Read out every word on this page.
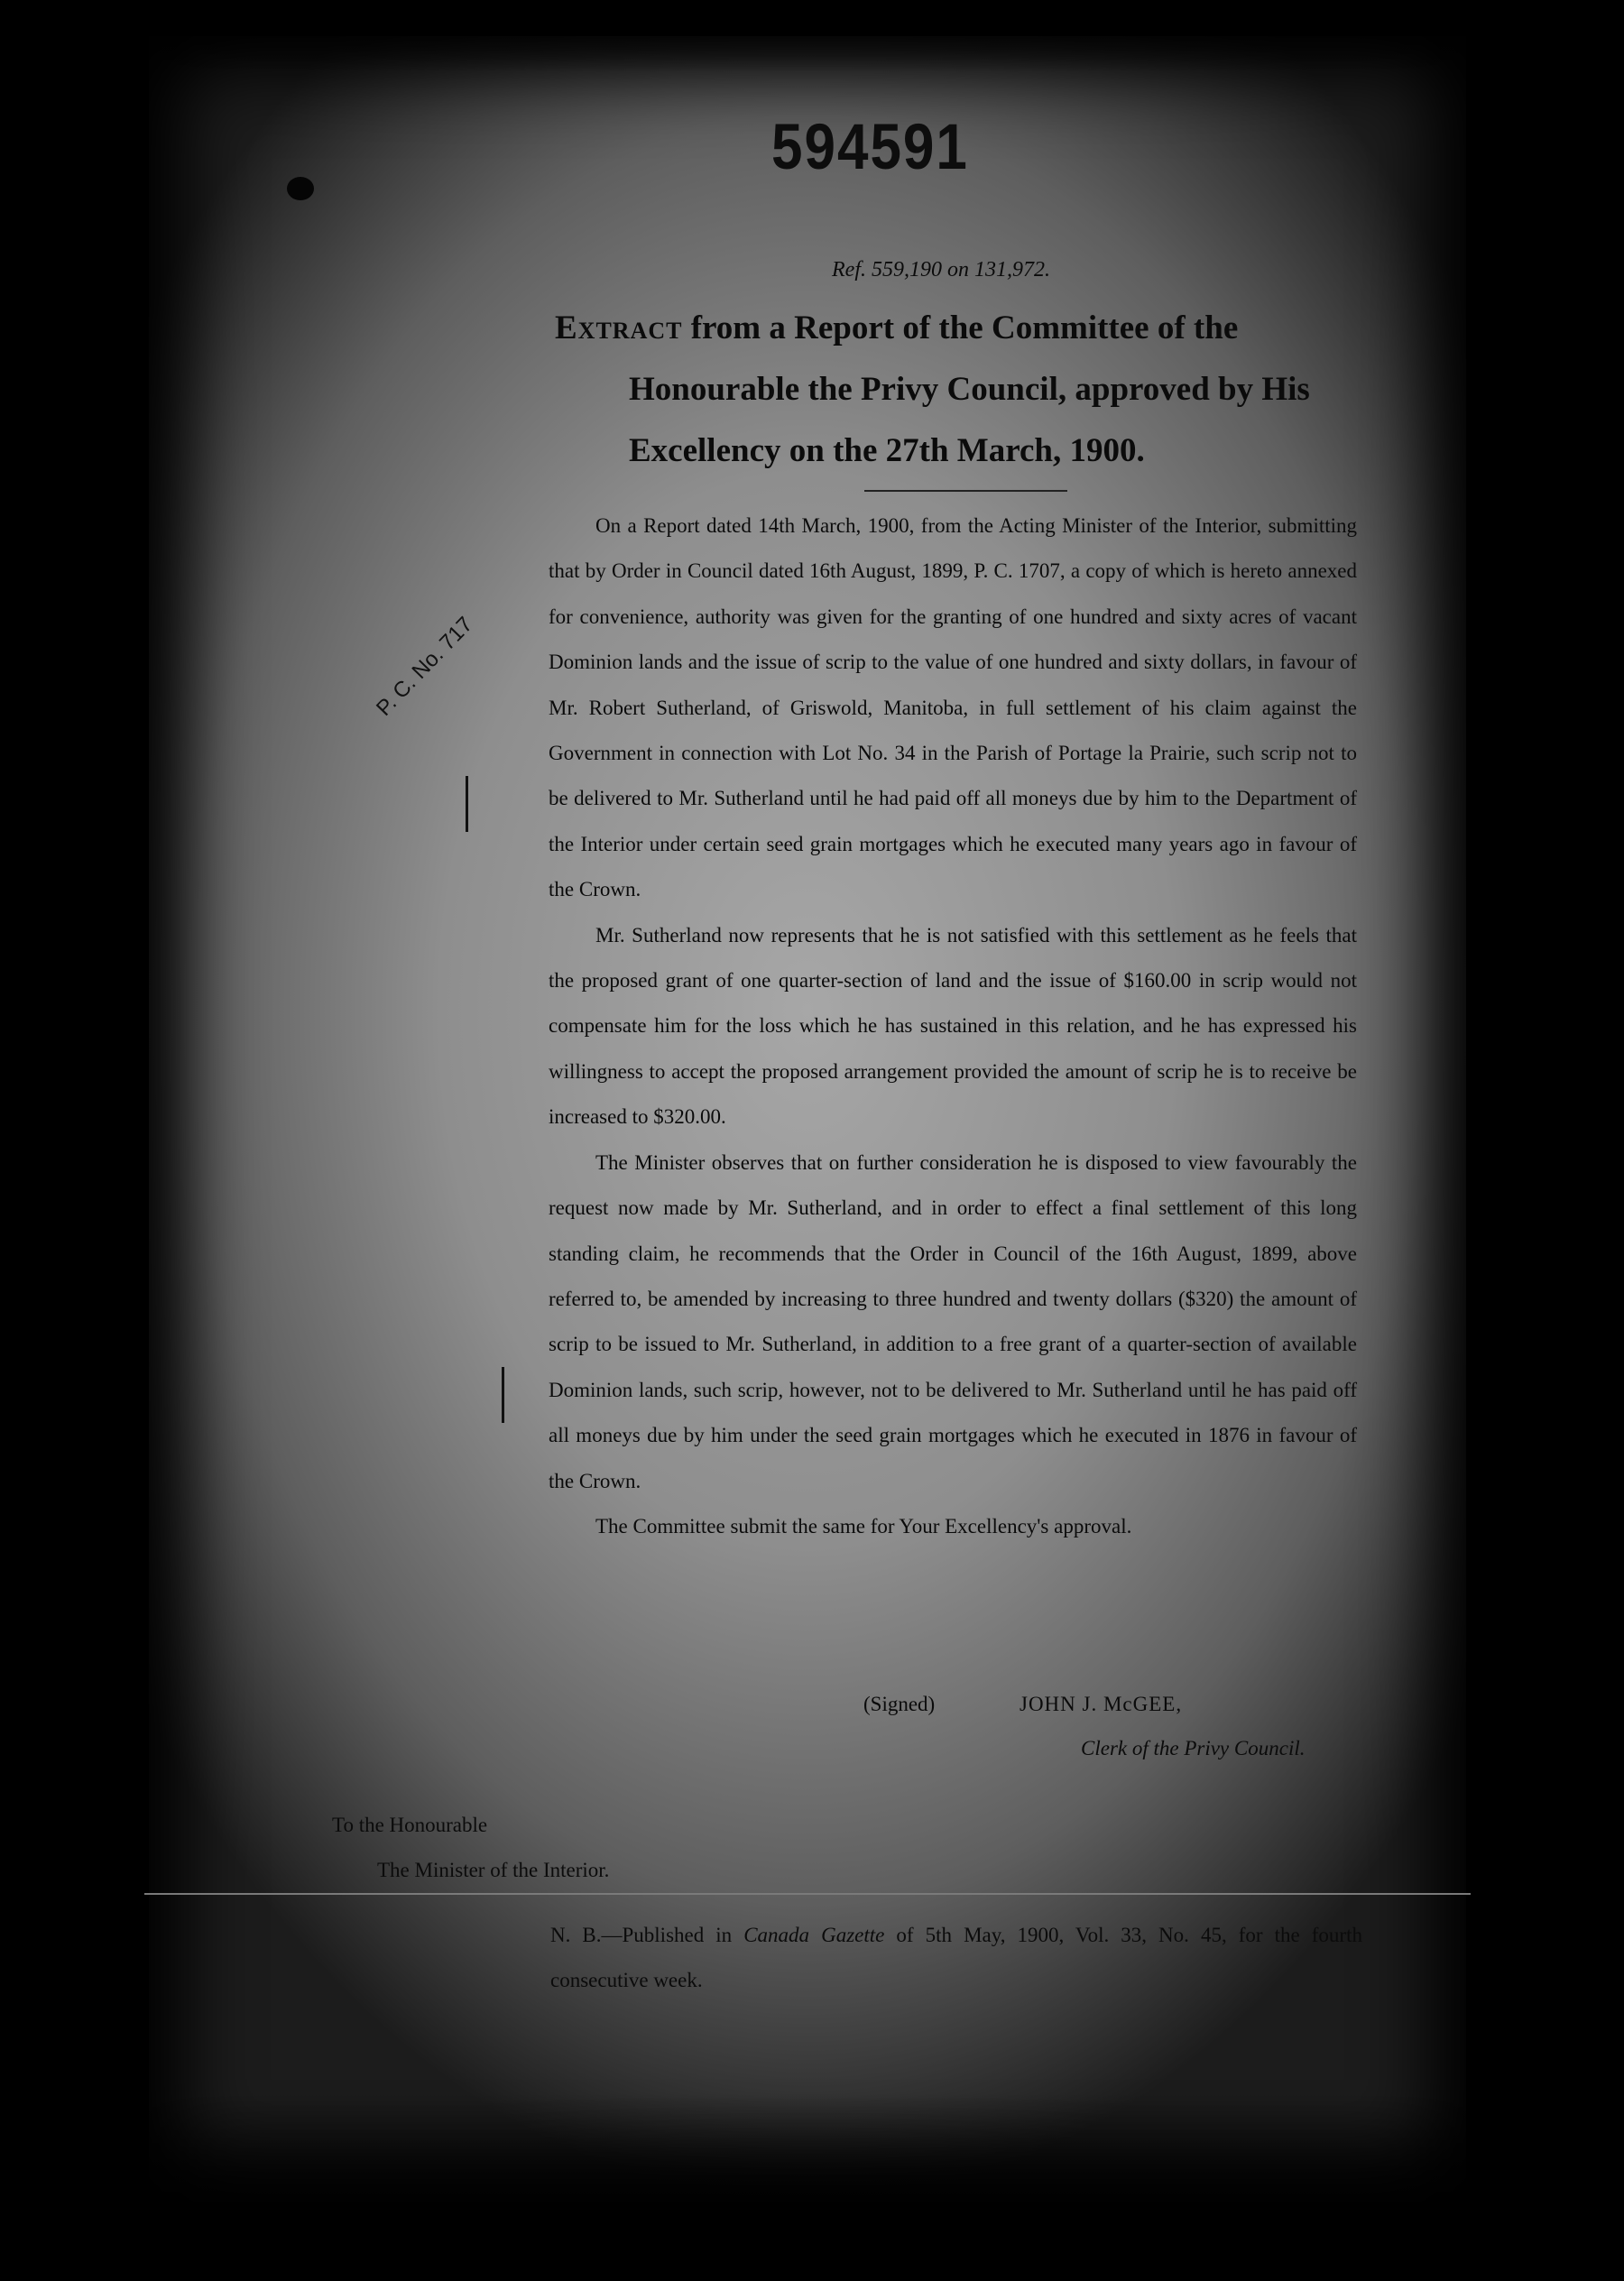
594591
Ref. 559,190 on 131,972.
Extract from a Report of the Committee of the
Honourable the Privy Council, approved by His
Excellency on the 27th March, 1900.
P. C. No. 717

On a Report dated 14th March, 1900, from the Acting Minister of the Interior, submitting that by Order in Council dated 16th August, 1899, P. C. 1707, a copy of which is hereto annexed for convenience, authority was given for the granting of one hundred and sixty acres of vacant Dominion lands and the issue of scrip to the value of one hundred and sixty dollars, in favour of Mr. Robert Sutherland, of Griswold, Manitoba, in full settlement of his claim against the Government in connection with Lot No. 34 in the Parish of Portage la Prairie, such scrip not to be delivered to Mr. Sutherland until he had paid off all moneys due by him to the Department of the Interior under certain seed grain mortgages which he executed many years ago in favour of the Crown.

Mr. Sutherland now represents that he is not satisfied with this settlement as he feels that the proposed grant of one quarter-section of land and the issue of $160.00 in scrip would not compensate him for the loss which he has sustained in this relation, and he has expressed his willingness to accept the proposed arrangement provided the amount of scrip he is to receive be increased to $320.00.

The Minister observes that on further consideration he is disposed to view favourably the request now made by Mr. Sutherland, and in order to effect a final settlement of this long standing claim, he recommends that the Order in Council of the 16th August, 1899, above referred to, be amended by increasing to three hundred and twenty dollars ($320) the amount of scrip to be issued to Mr. Sutherland, in addition to a free grant of a quarter-section of available Dominion lands, such scrip, however, not to be delivered to Mr. Sutherland until he has paid off all moneys due by him under the seed grain mortgages which he executed in 1876 in favour of the Crown.

The Committee submit the same for Your Excellency's approval.

(Signed)	JOHN J. McGEE,
Clerk of the Privy Council.
To the Honourable
The Minister of the Interior.
N. B.—Published in Canada Gazette of 5th May, 1900, Vol. 33, No. 45, for the fourth consecutive week.
